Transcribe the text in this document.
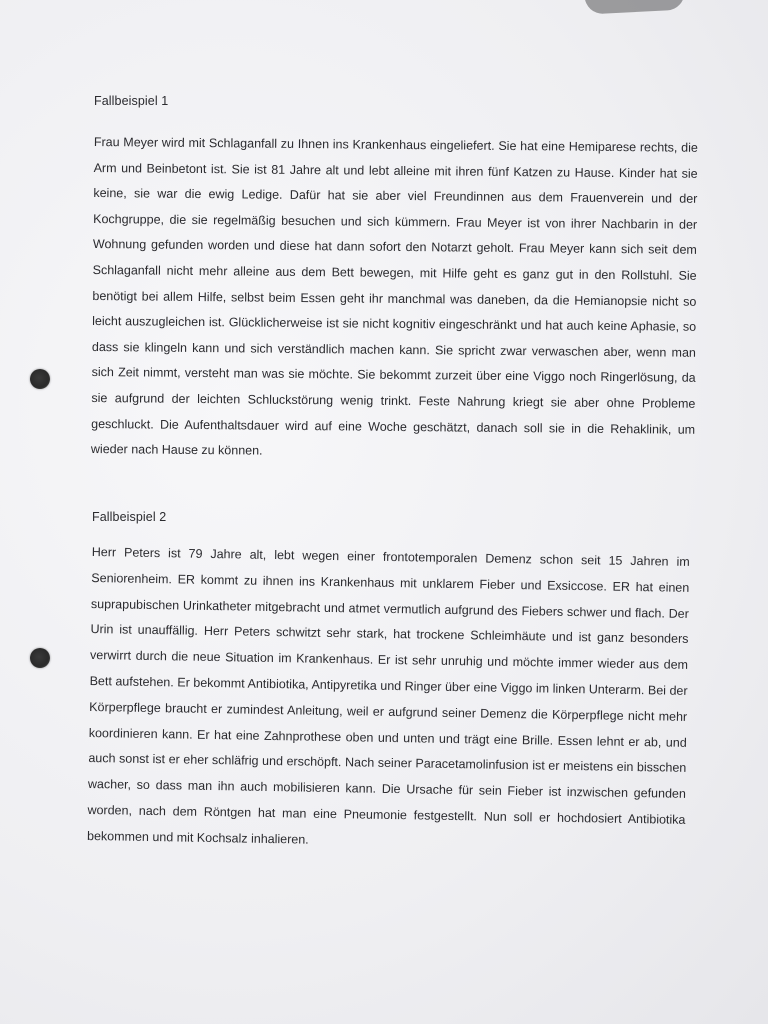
Fallbeispiel 1
Frau Meyer wird mit Schlaganfall zu Ihnen ins Krankenhaus eingeliefert. Sie hat eine Hemiparese rechts, die Arm und Beinbetont ist. Sie ist 81 Jahre alt und lebt alleine mit ihren fünf Katzen zu Hause. Kinder hat sie keine, sie war die ewig Ledige. Dafür hat sie aber viel Freundinnen aus dem Frauenverein und der Kochgruppe, die sie regelmäßig besuchen und sich kümmern. Frau Meyer ist von ihrer Nachbarin in der Wohnung gefunden worden und diese hat dann sofort den Notarzt geholt. Frau Meyer kann sich seit dem Schlaganfall nicht mehr alleine aus dem Bett bewegen, mit Hilfe geht es ganz gut in den Rollstuhl. Sie benötigt bei allem Hilfe, selbst beim Essen geht ihr manchmal was daneben, da die Hemianopsie nicht so leicht auszugleichen ist. Glücklicherweise ist sie nicht kognitiv eingeschränkt und hat auch keine Aphasie, so dass sie klingeln kann und sich verständlich machen kann. Sie spricht zwar verwaschen aber, wenn man sich Zeit nimmt, versteht man was sie möchte. Sie bekommt zurzeit über eine Viggo noch Ringerlösung, da sie aufgrund der leichten Schluckstörung wenig trinkt. Feste Nahrung kriegt sie aber ohne Probleme geschluckt. Die Aufenthaltsdauer wird auf eine Woche geschätzt, danach soll sie in die Rehaklinik, um wieder nach Hause zu können.
Fallbeispiel 2
Herr Peters ist 79 Jahre alt, lebt wegen einer frontotemporalen Demenz schon seit 15 Jahren im Seniorenheim. ER kommt zu ihnen ins Krankenhaus mit unklarem Fieber und Exsiccose. ER hat einen suprapubischen Urinkatheter mitgebracht und atmet vermutlich aufgrund des Fiebers schwer und flach. Der Urin ist unauffällig. Herr Peters schwitzt sehr stark, hat trockene Schleimhäute und ist ganz besonders verwirrt durch die neue Situation im Krankenhaus. Er ist sehr unruhig und möchte immer wieder aus dem Bett aufstehen. Er bekommt Antibiotika, Antipyretika und Ringer über eine Viggo im linken Unterarm. Bei der Körperpflege braucht er zumindest Anleitung, weil er aufgrund seiner Demenz die Körperpflege nicht mehr koordinieren kann. Er hat eine Zahnprothese oben und unten und trägt eine Brille. Essen lehnt er ab, und auch sonst ist er eher schläfrig und erschöpft. Nach seiner Paracetamolinfusion ist er meistens ein bisschen wacher, so dass man ihn auch mobilisieren kann. Die Ursache für sein Fieber ist inzwischen gefunden worden, nach dem Röntgen hat man eine Pneumonie festgestellt. Nun soll er hochdosiert Antibiotika bekommen und mit Kochsalz inhalieren.
